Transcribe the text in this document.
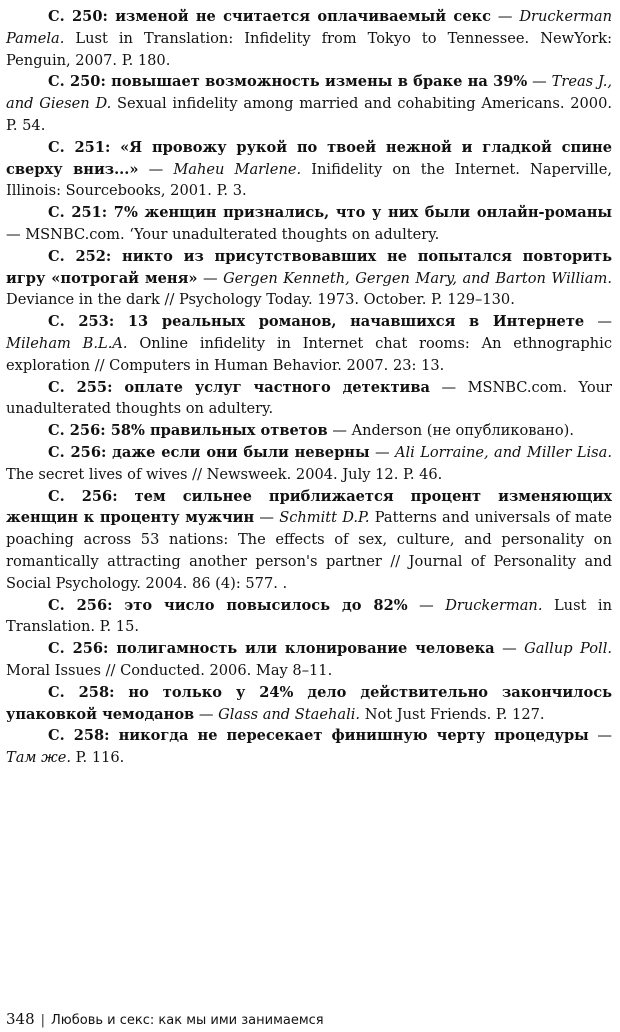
С. 250: изменой не считается оплачиваемый секс — Druckerman Pamela. Lust in Translation: Infidelity from Tokyo to Tennessee. NewYork: Penguin, 2007. P. 180.

С. 250: повышает возможность измены в браке на 39% — Treas J., and Giesen D. Sexual infidelity among married and cohabiting Americans. 2000. P. 54.

С. 251: «Я провожу рукой по твоей нежной и гладкой спине сверху вниз...» — Maheu Marlene. Inifidelity on the Internet. Naperville, Illinois: Sourcebooks, 2001. P. 3.

С. 251: 7% женщин признались, что у них были онлайн-романы — MSNBC.com. ‘Your unadulterated thoughts on adultery.

С. 252: никто из присутствовавших не попытался повторить игру «потрогай меня» — Gergen Kenneth, Gergen Mary, and Barton William. Deviance in the dark // Psychology Today. 1973. October. P. 129–130.

С. 253: 13 реальных романов, начавшихся в Интернете — Mileham B.L.A. Online infidelity in Internet chat rooms: An ethnographic exploration // Computers in Human Behavior. 2007. 23: 13.

С. 255: оплате услуг частного детектива — MSNBC.com. Your unadulterated thoughts on adultery.

С. 256: 58% правильных ответов — Anderson (не опубликовано).

С. 256: даже если они были неверны — Ali Lorraine, and Miller Lisa. The secret lives of wives // Newsweek. 2004. July 12. P. 46.

С. 256: тем сильнее приближается процент изменяющих женщин к проценту мужчин — Schmitt D.P. Patterns and universals of mate poaching across 53 nations: The effects of sex, culture, and personality on romantically attracting another person's partner // Journal of Personality and Social Psychology. 2004. 86 (4): 577. .

С. 256: это число повысилось до 82% — Druckerman. Lust in Translation. P. 15.

С. 256: полигамность или клонирование человека — Gallup Poll. Moral Issues // Conducted. 2006. May 8–11.

С. 258: но только у 24% дело действительно закончилось упаковкой чемоданов — Glass and Staehali. Not Just Friends. P. 127.

С. 258: никогда не пересекает финишную черту процедуры — Там же. P. 116.

348 | Любовь и секс: как мы ими занимаемся
